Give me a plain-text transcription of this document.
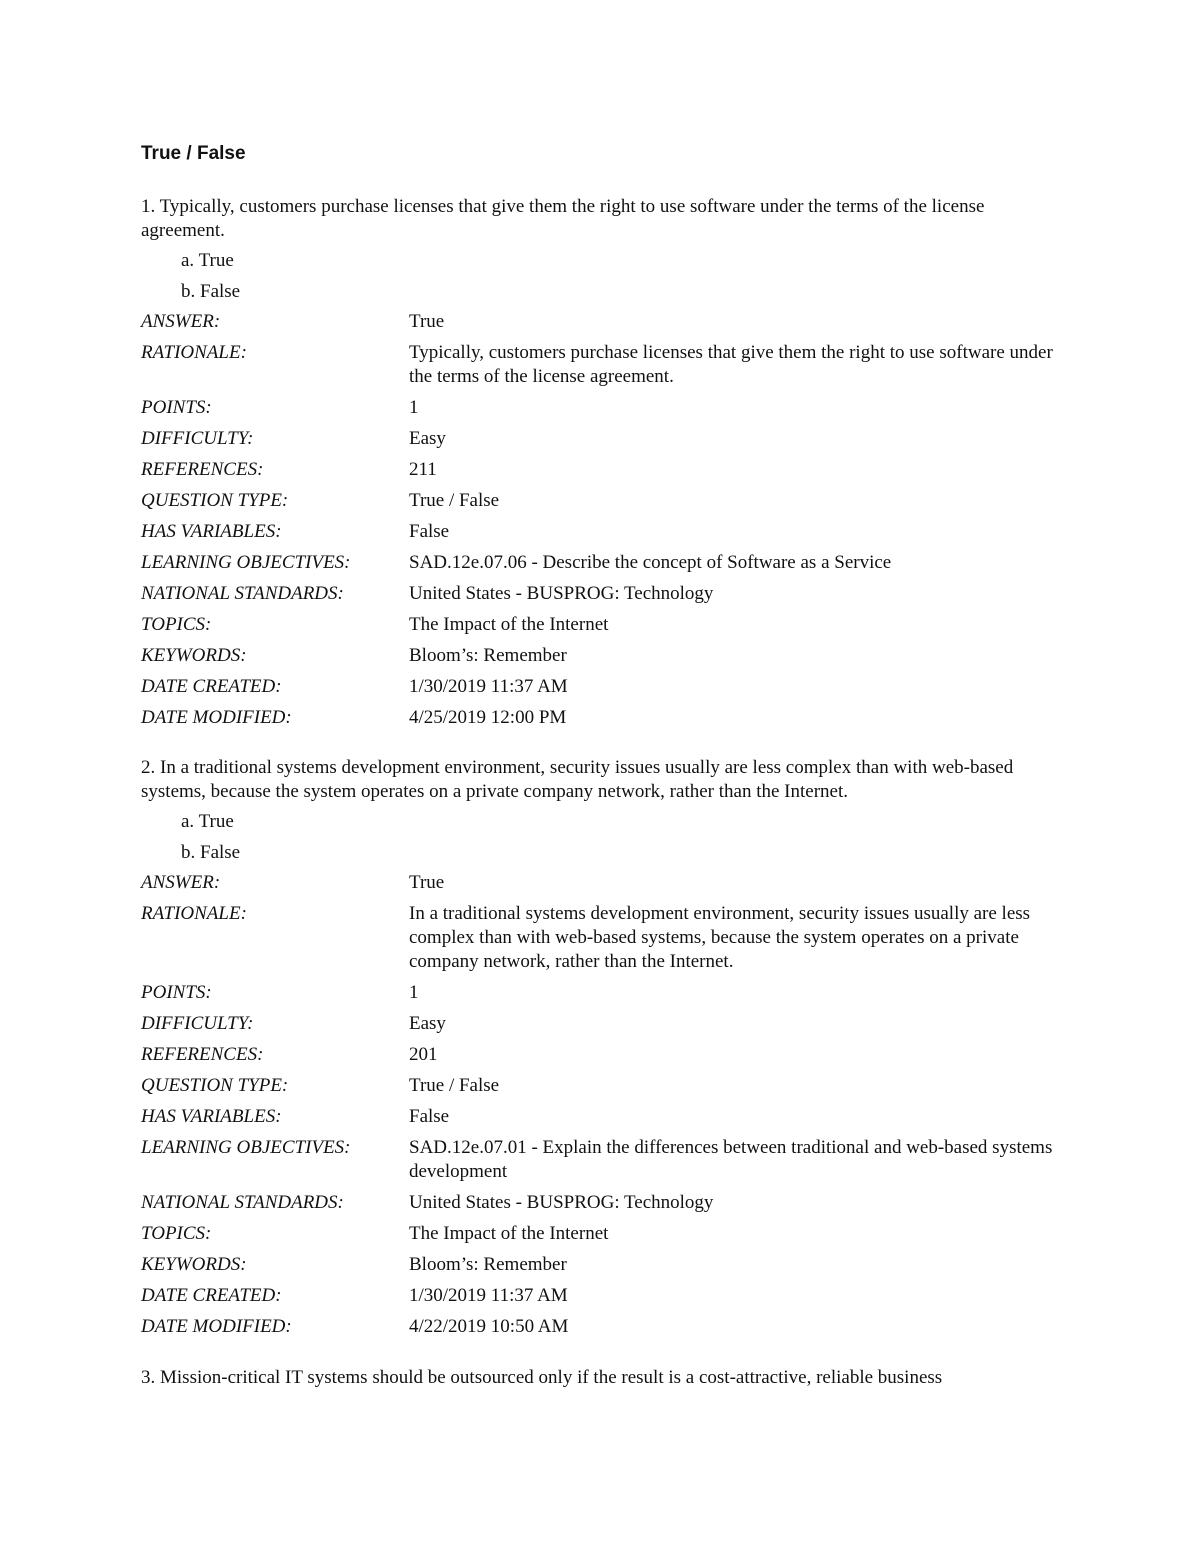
True / False

1. Typically, customers purchase licenses that give them the right to use software under the terms of the license agreement.

a. True
b. False
ANSWER:	True
RATIONALE:	Typically, customers purchase licenses that give them the right to use software under the terms of the license agreement.
POINTS:	1
DIFFICULTY:	Easy
REFERENCES:	211
QUESTION TYPE:	True / False
HAS VARIABLES:	False
LEARNING OBJECTIVES:	SAD.12e.07.06 - Describe the concept of Software as a Service
NATIONAL STANDARDS:	United States - BUSPROG: Technology
TOPICS:	The Impact of the Internet
KEYWORDS:	Bloom’s: Remember
DATE CREATED:	1/30/2019 11:37 AM
DATE MODIFIED:	4/25/2019 12:00 PM

2. In a traditional systems development environment, security issues usually are less complex than with web-based systems, because the system operates on a private company network, rather than the Internet.

a. True
b. False
ANSWER:	True
RATIONALE:	In a traditional systems development environment, security issues usually are less complex than with web-based systems, because the system operates on a private company network, rather than the Internet.
POINTS:	1
DIFFICULTY:	Easy
REFERENCES:	201
QUESTION TYPE:	True / False
HAS VARIABLES:	False
LEARNING OBJECTIVES:	SAD.12e.07.01 - Explain the differences between traditional and web-based systems development
NATIONAL STANDARDS:	United States - BUSPROG: Technology
TOPICS:	The Impact of the Internet
KEYWORDS:	Bloom’s: Remember
DATE CREATED:	1/30/2019 11:37 AM
DATE MODIFIED:	4/22/2019 10:50 AM

3. Mission-critical IT systems should be outsourced only if the result is a cost-attractive, reliable business
